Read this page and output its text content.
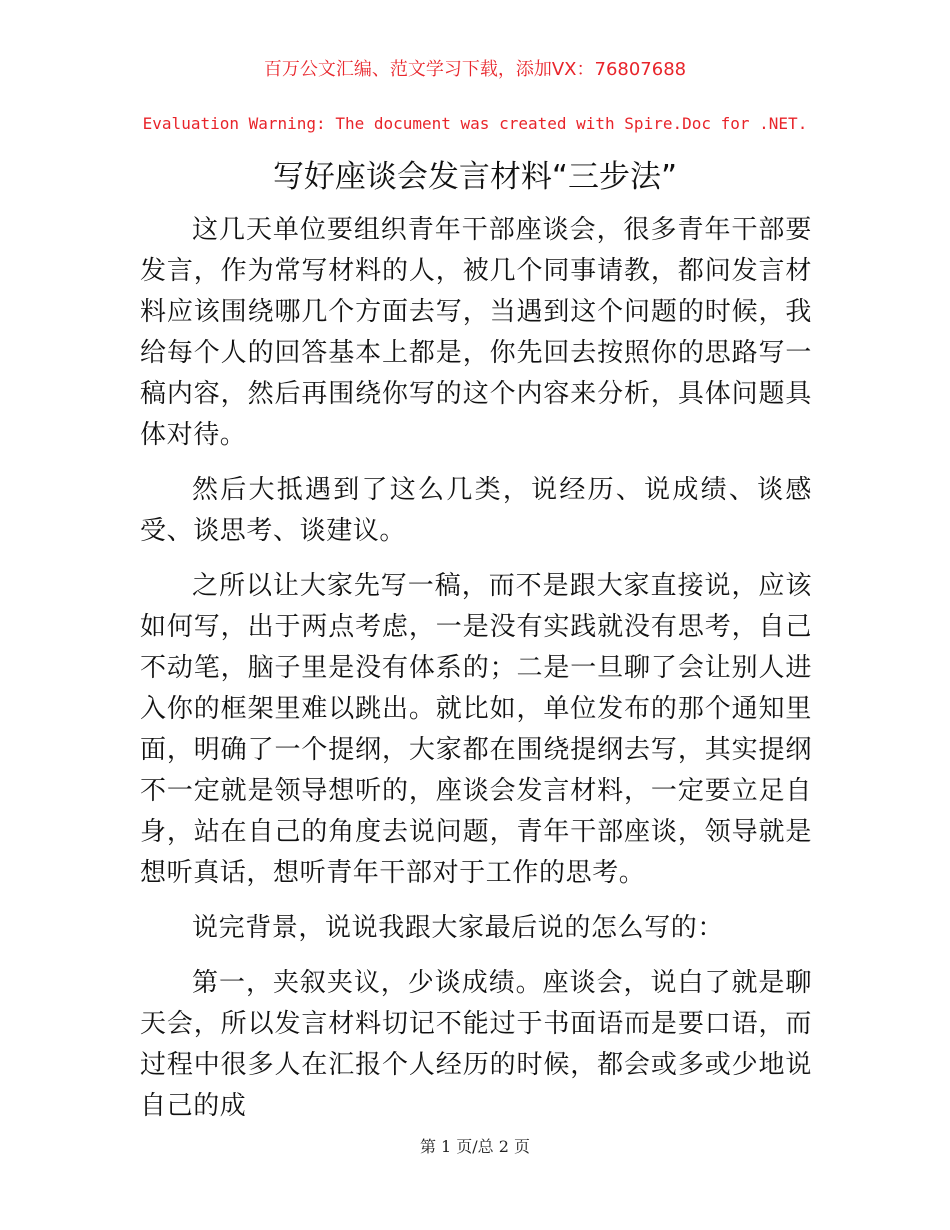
百万公文汇编、范文学习下载，添加VX：76807688
Evaluation Warning: The document was created with Spire.Doc for .NET.
写好座谈会发言材料“三步法”

这几天单位要组织青年干部座谈会，很多青年干部要发言，作为常写材料的人，被几个同事请教，都问发言材料应该围绕哪几个方面去写，当遇到这个问题的时候，我给每个人的回答基本上都是，你先回去按照你的思路写一稿内容，然后再围绕你写的这个内容来分析，具体问题具体对待。

然后大抵遇到了这么几类，说经历、说成绩、谈感受、谈思考、谈建议。

之所以让大家先写一稿，而不是跟大家直接说，应该如何写，出于两点考虑，一是没有实践就没有思考，自己不动笔，脑子里是没有体系的；二是一旦聊了会让别人进入你的框架里难以跳出。就比如，单位发布的那个通知里面，明确了一个提纲，大家都在围绕提纲去写，其实提纲不一定就是领导想听的，座谈会发言材料，一定要立足自身，站在自己的角度去说问题，青年干部座谈，领导就是想听真话，想听青年干部对于工作的思考。

说完背景，说说我跟大家最后说的怎么写的：

第一，夹叙夹议，少谈成绩。座谈会，说白了就是聊天会，所以发言材料切记不能过于书面语而是要口语，而过程中很多人在汇报个人经历的时候，都会或多或少地说自己的成

第 1 页/总 2 页
